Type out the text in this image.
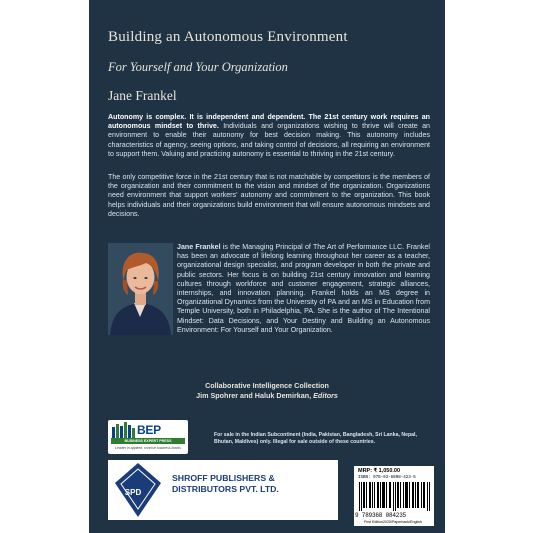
Building an Autonomous Environment
For Yourself and Your Organization
Jane Frankel

Autonomy is complex. It is independent and dependent. The 21st century work requires an autonomous mindset to thrive. Individuals and organizations wishing to thrive will create an environment to enable their autonomy for best decision making. This autonomy includes characteristics of agency, seeing options, and taking control of decisions, all requiring an environment to support them. Valuing and practicing autonomy is essential to thriving in the 21st century.

The only competitive force in the 21st century that is not matchable by competitors is the members of the organization and their commitment to the vision and mindset of the organization. Organizations need environment that support workers' autonomy and commitment to the organization. This book helps individuals and their organizations build environment that will ensure autonomous mindsets and decisions.

Jane Frankel is the Managing Principal of The Art of Performance LLC. Frankel has been an advocate of lifelong learning throughout her career as a teacher, organizational design specialist, and program developer in both the private and public sectors. Her focus is on building 21st century innovation and learning cultures through workforce and customer engagement, strategic alliances, internships, and innovation planning. Frankel holds an MS degree in Organizational Dynamics from the University of PA and an MS in Education from Temple University, both in Philadelphia, PA. She is the author of The Intentional Mindset: Data Decisions, and Your Destiny and Building an Autonomous Environment: For Yourself and Your Organization.

Collaborative Intelligence Collection
Jim Spohrer and Haluk Demirkan, Editors
BEP
BUSINESS EXPERT PRESS
Leader in applied, concise business books
For sale in the Indian Subcontinent (India, Pakistan, Bangladesh, Sri Lanka, Nepal, Bhutan, Maldives) only. Illegal for sale outside of these countries.
SPD
SHROFF PUBLISHERS & DISTRIBUTORS PVT. LTD.
MRP: ₹ 1,050.00
ISBN: 978-93-6808-423-5
9 789368 084235
First Edition2025/Paperback/English
